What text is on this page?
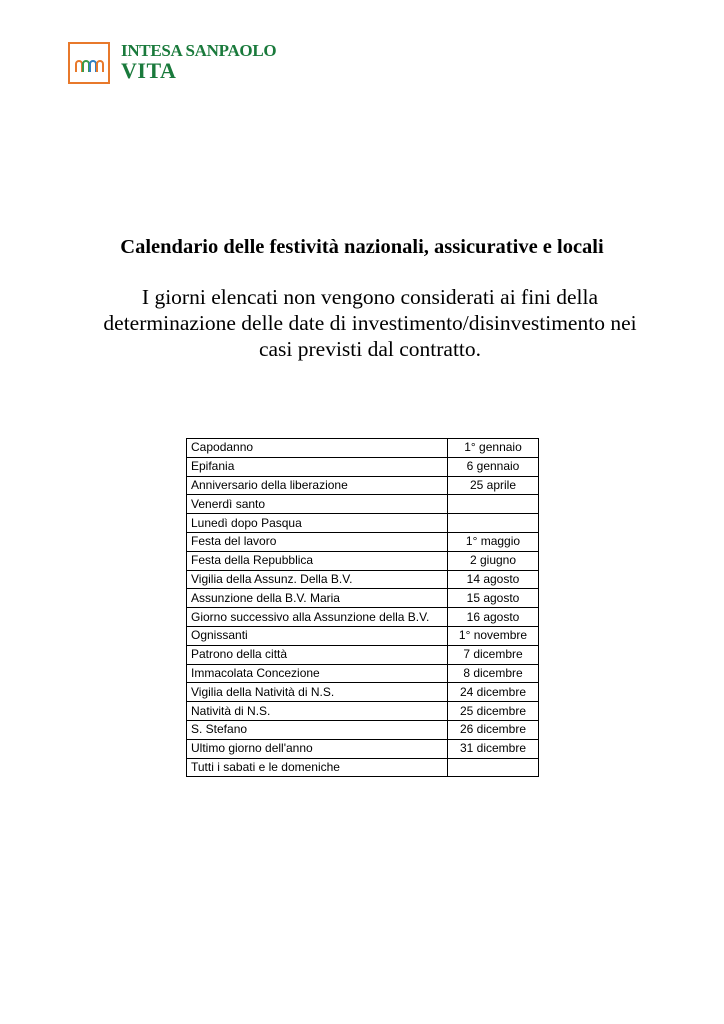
INTESA SANPAOLO
VITA
Calendario delle festività nazionali, assicurative e locali
I giorni elencati non vengono considerati ai fini della determinazione delle date di investimento/disinvestimento nei casi previsti dal contratto.
Capodanno	1° gennaio
Epifania	6 gennaio
Anniversario della liberazione	25 aprile
Venerdì santo	
Lunedì dopo Pasqua	
Festa del lavoro	1° maggio
Festa della Repubblica	2 giugno
Vigilia della Assunz. Della B.V.	14 agosto
Assunzione della B.V. Maria	15 agosto
Giorno successivo alla Assunzione della B.V.	16 agosto
Ognissanti	1° novembre
Patrono della città	7 dicembre
Immacolata Concezione	8 dicembre
Vigilia della Natività di N.S.	24 dicembre
Natività di N.S.	25 dicembre
S. Stefano	26 dicembre
Ultimo giorno dell'anno	31 dicembre
Tutti i sabati e le domeniche	
